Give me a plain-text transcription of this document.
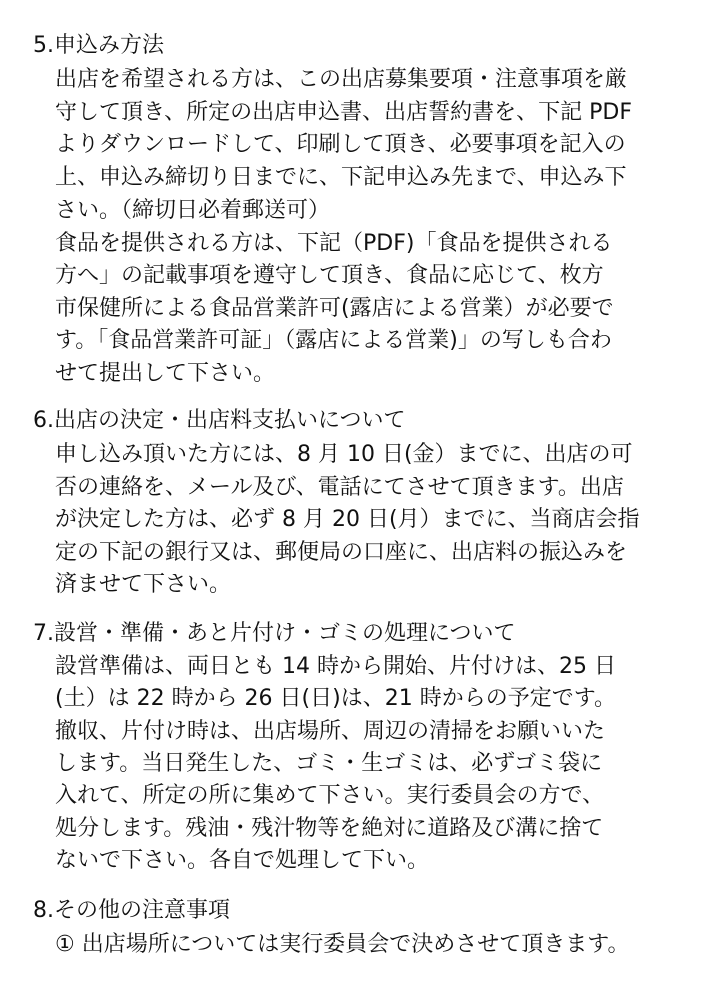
5.申込み方法
出店を希望される方は、この出店募集要項・注意事項を厳
守して頂き、所定の出店申込書、出店誓約書を、下記 PDF
よりダウンロードして、印刷して頂き、必要事項を記入の
上、申込み締切り日までに、下記申込み先まで、申込み下
さい。（締切日必着郵送可）
食品を提供される方は、下記（PDF)「食品を提供される
方へ」の記載事項を遵守して頂き、食品に応じて、枚方
市保健所による食品営業許可(露店による営業）が必要で
す。「食品営業許可証」（露店による営業)」の写しも合わ
せて提出して下さい。
6.出店の決定・出店料支払いについて
申し込み頂いた方には、8 月 10 日(金）までに、出店の可
否の連絡を、メール及び、電話にてさせて頂きます。出店
が決定した方は、必ず 8 月 20 日(月）までに、当商店会指
定の下記の銀行又は、郵便局の口座に、出店料の振込みを
済ませて下さい。
7.設営・準備・あと片付け・ゴミの処理について
設営準備は、両日とも 14 時から開始、片付けは、25 日
(土）は 22 時から 26 日(日)は、21 時からの予定です。
撤収、片付け時は、出店場所、周辺の清掃をお願いいた
します。当日発生した、ゴミ・生ゴミは、必ずゴミ袋に
入れて、所定の所に集めて下さい。実行委員会の方で、
処分します。残油・残汁物等を絶対に道路及び溝に捨て
ないで下さい。各自で処理して下い。
8.その他の注意事項
① 出店場所については実行委員会で決めさせて頂きます。
